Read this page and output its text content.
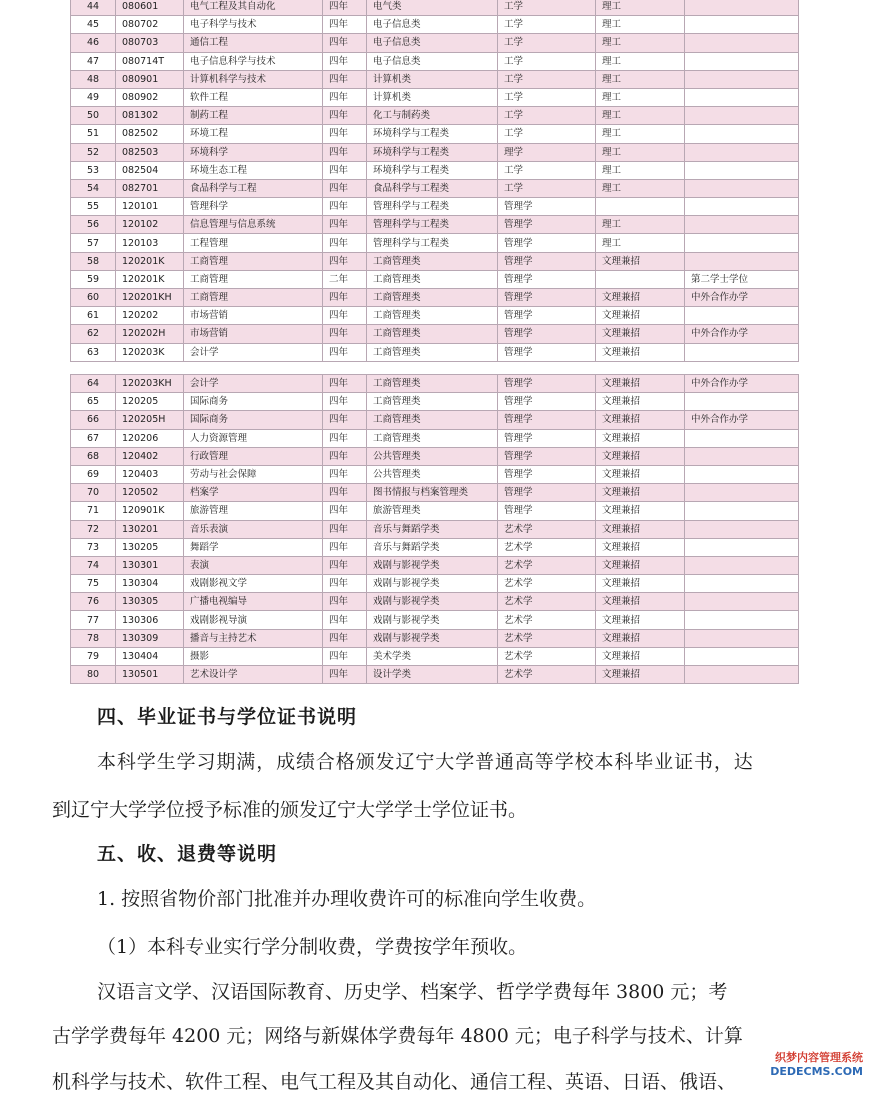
44	080601	电气工程及其自动化	四年	电气类	工学	理工	
45	080702	电子科学与技术	四年	电子信息类	工学	理工	
46	080703	通信工程	四年	电子信息类	工学	理工	
47	080714T	电子信息科学与技术	四年	电子信息类	工学	理工	
48	080901	计算机科学与技术	四年	计算机类	工学	理工	
49	080902	软件工程	四年	计算机类	工学	理工	
50	081302	制药工程	四年	化工与制药类	工学	理工	
51	082502	环境工程	四年	环境科学与工程类	工学	理工	
52	082503	环境科学	四年	环境科学与工程类	理学	理工	
53	082504	环境生态工程	四年	环境科学与工程类	工学	理工	
54	082701	食品科学与工程	四年	食品科学与工程类	工学	理工	
55	120101	管理科学	四年	管理科学与工程类	管理学		
56	120102	信息管理与信息系统	四年	管理科学与工程类	管理学	理工	
57	120103	工程管理	四年	管理科学与工程类	管理学	理工	
58	120201K	工商管理	四年	工商管理类	管理学	文理兼招	
59	120201K	工商管理	二年	工商管理类	管理学		第二学士学位
60	120201KH	工商管理	四年	工商管理类	管理学	文理兼招	中外合作办学
61	120202	市场营销	四年	工商管理类	管理学	文理兼招	
62	120202H	市场营销	四年	工商管理类	管理学	文理兼招	中外合作办学
63	120203K	会计学	四年	工商管理类	管理学	文理兼招	
64	120203KH	会计学	四年	工商管理类	管理学	文理兼招	中外合作办学
65	120205	国际商务	四年	工商管理类	管理学	文理兼招	
66	120205H	国际商务	四年	工商管理类	管理学	文理兼招	中外合作办学
67	120206	人力资源管理	四年	工商管理类	管理学	文理兼招	
68	120402	行政管理	四年	公共管理类	管理学	文理兼招	
69	120403	劳动与社会保障	四年	公共管理类	管理学	文理兼招	
70	120502	档案学	四年	图书情报与档案管理类	管理学	文理兼招	
71	120901K	旅游管理	四年	旅游管理类	管理学	文理兼招	
72	130201	音乐表演	四年	音乐与舞蹈学类	艺术学	文理兼招	
73	130205	舞蹈学	四年	音乐与舞蹈学类	艺术学	文理兼招	
74	130301	表演	四年	戏剧与影视学类	艺术学	文理兼招	
75	130304	戏剧影视文学	四年	戏剧与影视学类	艺术学	文理兼招	
76	130305	广播电视编导	四年	戏剧与影视学类	艺术学	文理兼招	
77	130306	戏剧影视导演	四年	戏剧与影视学类	艺术学	文理兼招	
78	130309	播音与主持艺术	四年	戏剧与影视学类	艺术学	文理兼招	
79	130404	摄影	四年	美术学类	艺术学	文理兼招	
80	130501	艺术设计学	四年	设计学类	艺术学	文理兼招	
四、毕业证书与学位证书说明
本科学生学习期满，成绩合格颁发辽宁大学普通高等学校本科毕业证书，达
到辽宁大学学位授予标准的颁发辽宁大学学士学位证书。
五、收、退费等说明
1. 按照省物价部门批准并办理收费许可的标准向学生收费。
（1）本科专业实行学分制收费，学费按学年预收。
汉语言文学、汉语国际教育、历史学、档案学、哲学学费每年 3800 元；考
古学学费每年 4200 元；网络与新媒体学费每年 4800 元；电子科学与技术、计算
机科学与技术、软件工程、电气工程及其自动化、通信工程、英语、日语、俄语、
织梦内容管理系统
DEDECMS.COM
